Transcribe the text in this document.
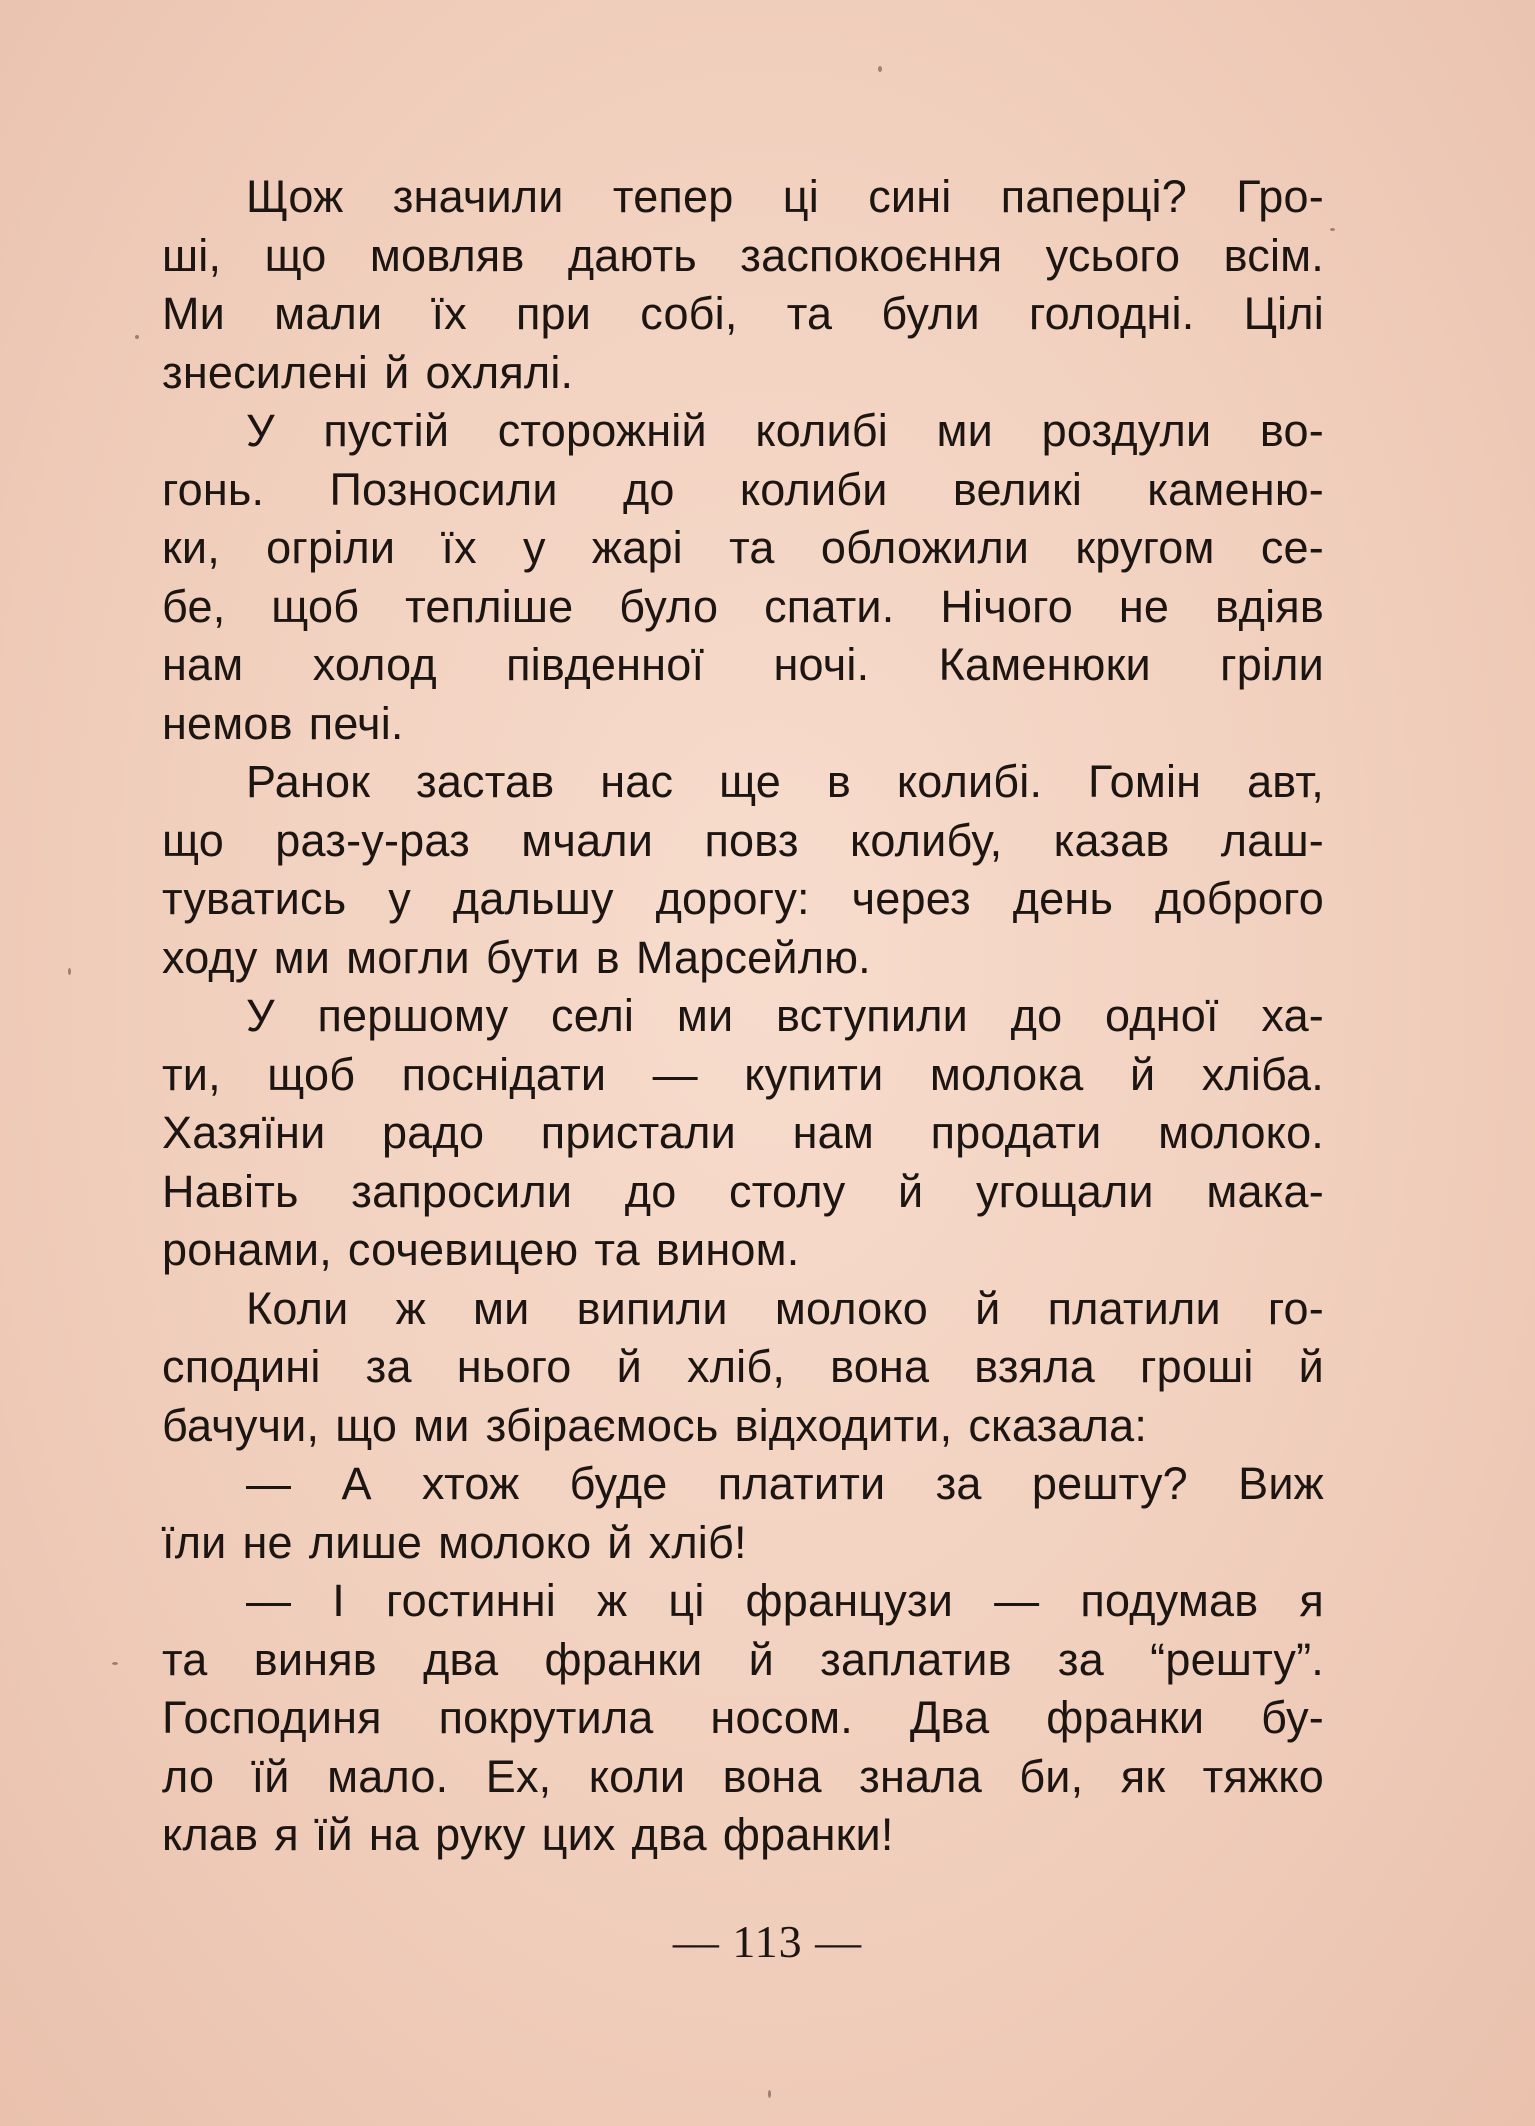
Щож значили тепер ці сині паперці? Гро-
ші, що мовляв дають заспокоєння усього всім.
Ми мали їх при собі, та були голодні. Цілі
знесилені й охлялі.
У пустій сторожній колибі ми роздули во-
гонь. Позносили до колиби великі каменю-
ки, огріли їх у жарі та обложили кругом се-
бе, щоб тепліше було спати. Нічого не вдіяв
нам холод південної ночі. Каменюки гріли
немов печі.
Ранок застав нас ще в колибі. Гомін авт,
що раз-у-раз мчали повз колибу, казав лаш-
туватись у дальшу дорогу: через день доброго
ходу ми могли бути в Марсейлю.
У першому селі ми вступили до одної ха-
ти, щоб поснідати — купити молока й хліба.
Хазяїни радо пристали нам продати молоко.
Навіть запросили до столу й угощали мака-
ронами, сочевицею та вином.
Коли ж ми випили молоко й платили го-
сподині за нього й хліб, вона взяла гроші й
бачучи, що ми збіраємось відходити, сказала:
— А хтож буде платити за решту? Виж
їли не лише молоко й хліб!
— І гостинні ж ці французи — подумав я
та виняв два франки й заплатив за “решту”.
Господиня покрутила носом. Два франки бу-
ло їй мало. Ех, коли вона знала би, як тяжко
клав я їй на руку цих два франки!
— 113 —
